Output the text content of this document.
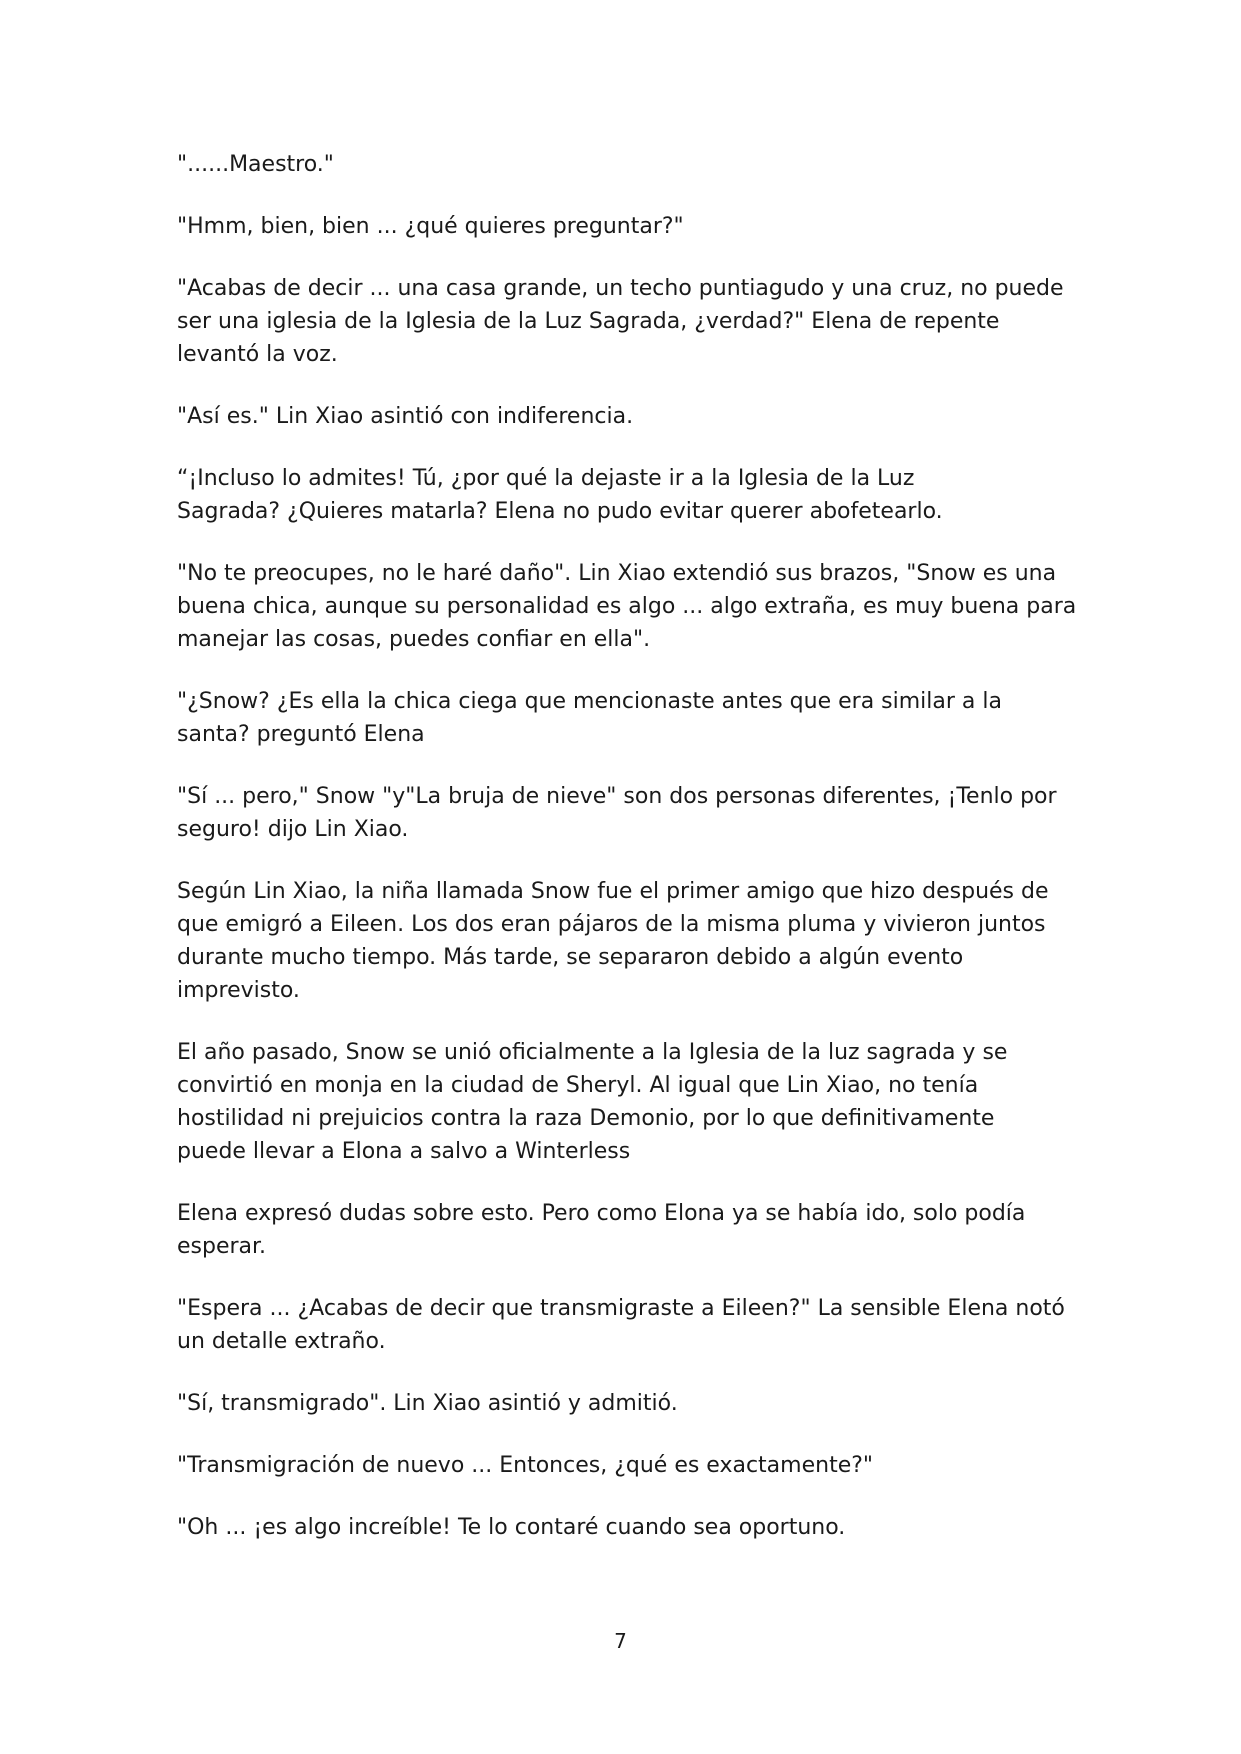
"......Maestro."

"Hmm, bien, bien ... ¿qué quieres preguntar?"

"Acabas de decir ... una casa grande, un techo puntiagudo y una cruz, no puede
ser una iglesia de la Iglesia de la Luz Sagrada, ¿verdad?" Elena de repente
levantó la voz.

"Así es." Lin Xiao asintió con indiferencia.

“¡Incluso lo admites! Tú, ¿por qué la dejaste ir a la Iglesia de la Luz
Sagrada? ¿Quieres matarla? Elena no pudo evitar querer abofetearlo.

"No te preocupes, no le haré daño". Lin Xiao extendió sus brazos, "Snow es una
buena chica, aunque su personalidad es algo ... algo extraña, es muy buena para
manejar las cosas, puedes confiar en ella".

"¿Snow? ¿Es ella la chica ciega que mencionaste antes que era similar a la
santa? preguntó Elena

"Sí ... pero," Snow "y"La bruja de nieve" son dos personas diferentes, ¡Tenlo por
seguro! dijo Lin Xiao.

Según Lin Xiao, la niña llamada Snow fue el primer amigo que hizo después de
que emigró a Eileen. Los dos eran pájaros de la misma pluma y vivieron juntos
durante mucho tiempo. Más tarde, se separaron debido a algún evento
imprevisto.

El año pasado, Snow se unió oficialmente a la Iglesia de la luz sagrada y se
convirtió en monja en la ciudad de Sheryl. Al igual que Lin Xiao, no tenía
hostilidad ni prejuicios contra la raza Demonio, por lo que definitivamente
puede llevar a Elona a salvo a Winterless

Elena expresó dudas sobre esto. Pero como Elona ya se había ido, solo podía
esperar.

"Espera ... ¿Acabas de decir que transmigraste a Eileen?" La sensible Elena notó
un detalle extraño.

"Sí, transmigrado". Lin Xiao asintió y admitió.

"Transmigración de nuevo ... Entonces, ¿qué es exactamente?"

"Oh ... ¡es algo increíble! Te lo contaré cuando sea oportuno.

7
